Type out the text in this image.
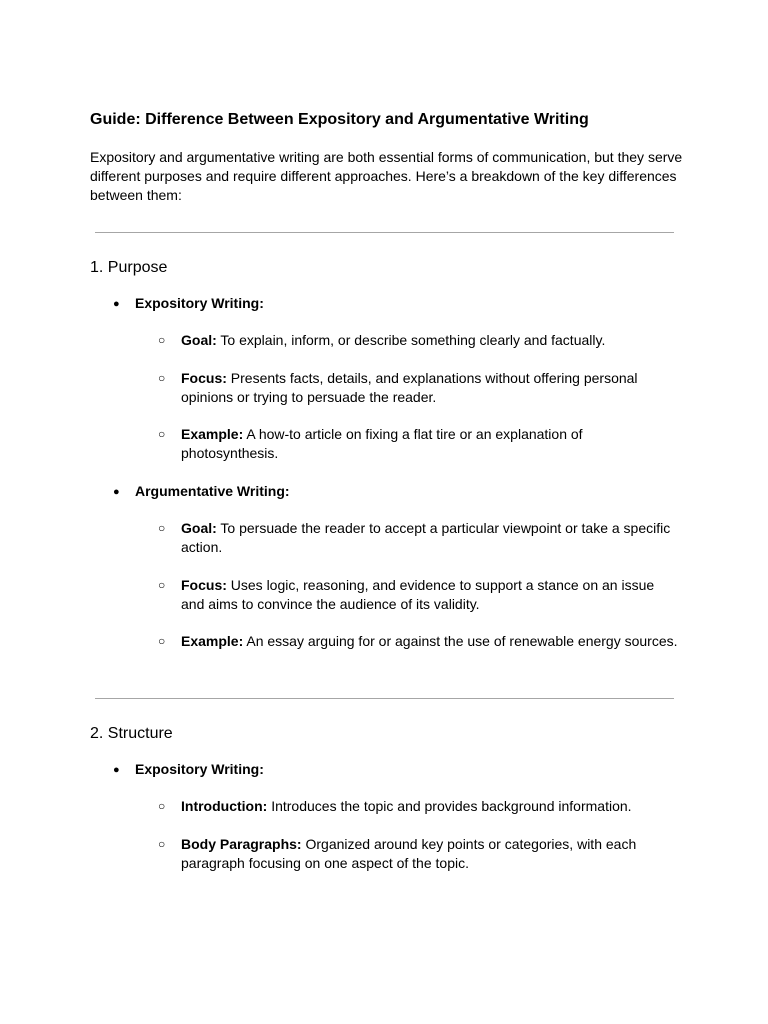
Guide: Difference Between Expository and Argumentative Writing

Expository and argumentative writing are both essential forms of communication, but they serve different purposes and require different approaches. Here’s a breakdown of the key differences between them:

1. Purpose
● Expository Writing:
○ Goal: To explain, inform, or describe something clearly and factually.
○ Focus: Presents facts, details, and explanations without offering personal opinions or trying to persuade the reader.
○ Example: A how-to article on fixing a flat tire or an explanation of photosynthesis.
● Argumentative Writing:
○ Goal: To persuade the reader to accept a particular viewpoint or take a specific action.
○ Focus: Uses logic, reasoning, and evidence to support a stance on an issue and aims to convince the audience of its validity.
○ Example: An essay arguing for or against the use of renewable energy sources.
2. Structure
● Expository Writing:
○ Introduction: Introduces the topic and provides background information.
○ Body Paragraphs: Organized around key points or categories, with each paragraph focusing on one aspect of the topic.
